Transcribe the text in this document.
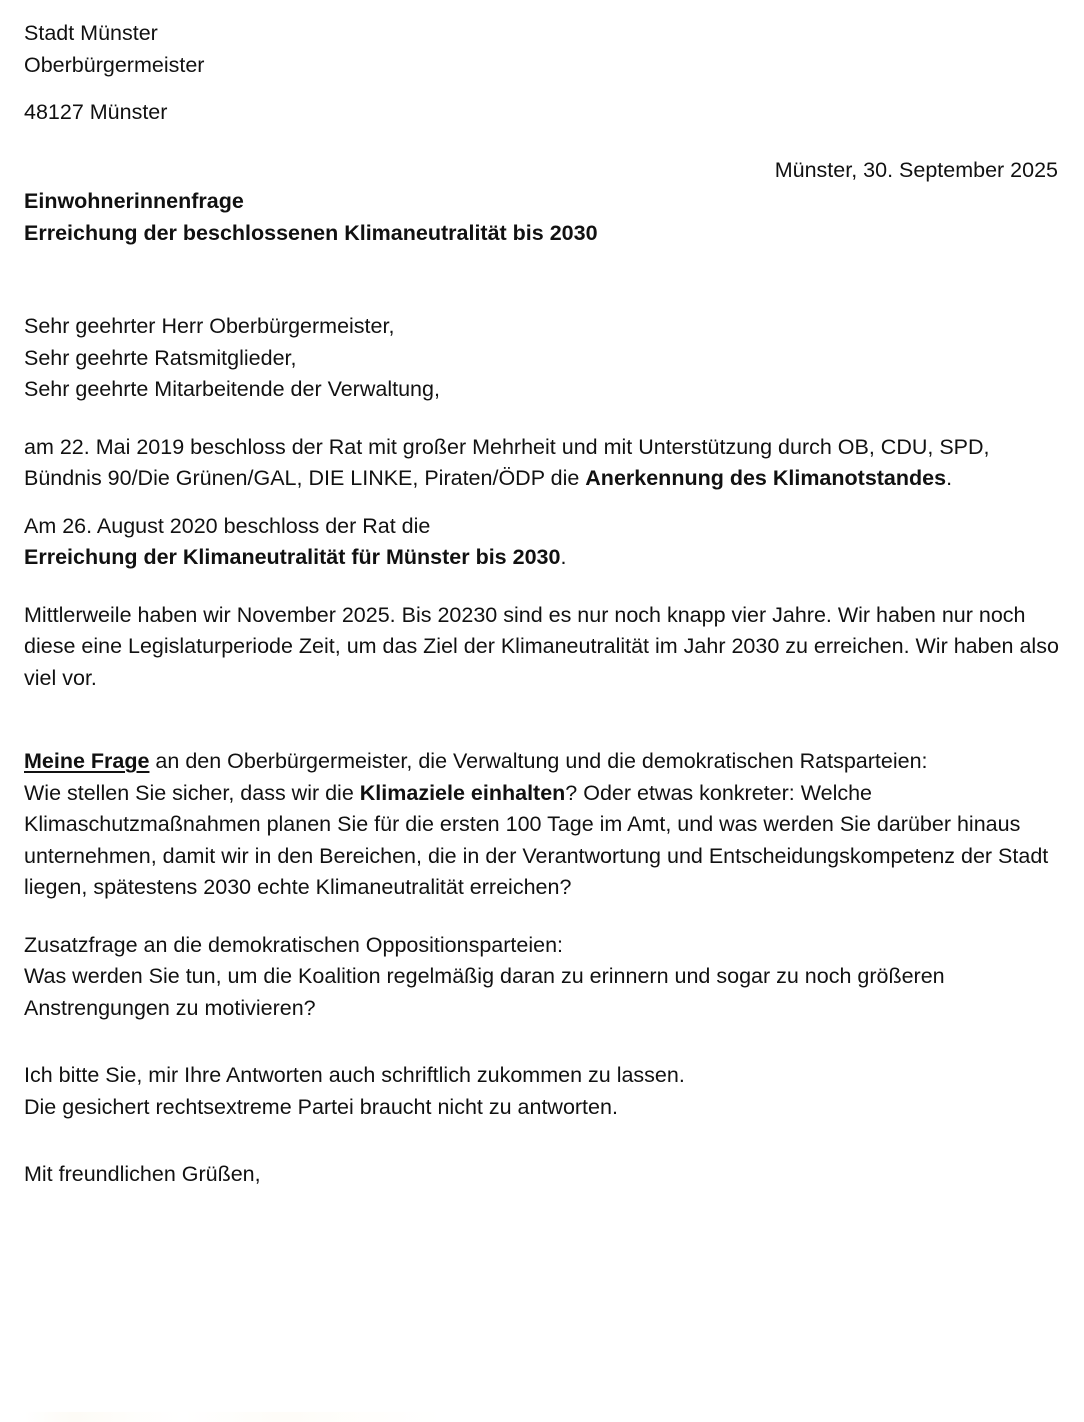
Stadt Münster
Oberbürgermeister
48127 Münster
Münster, 30. September 2025
Einwohnerinnenfrage
Erreichung der beschlossenen Klimaneutralität bis 2030
Sehr geehrter Herr Oberbürgermeister,
Sehr geehrte Ratsmitglieder,
Sehr geehrte Mitarbeitende der Verwaltung,

am 22. Mai 2019 beschloss der Rat mit großer Mehrheit und mit Unterstützung durch OB, CDU, SPD, Bündnis 90/Die Grünen/GAL, DIE LINKE, Piraten/ÖDP die Anerkennung des Klimanotstandes.

Am 26. August 2020 beschloss der Rat die
Erreichung der Klimaneutralität für Münster bis 2030.

Mittlerweile haben wir November 2025. Bis 20230 sind es nur noch knapp vier Jahre. Wir haben nur noch diese eine Legislaturperiode Zeit, um das Ziel der Klimaneutralität im Jahr 2030 zu erreichen. Wir haben also viel vor.

Meine Frage an den Oberbürgermeister, die Verwaltung und die demokratischen Ratsparteien:

Wie stellen Sie sicher, dass wir die Klimaziele einhalten? Oder etwas konkreter: Welche Klimaschutzmaßnahmen planen Sie für die ersten 100 Tage im Amt, und was werden Sie darüber hinaus unternehmen, damit wir in den Bereichen, die in der Verantwortung und Entscheidungskompetenz der Stadt liegen, spätestens 2030 echte Klimaneutralität erreichen?

Zusatzfrage an die demokratischen Oppositionsparteien:

Was werden Sie tun, um die Koalition regelmäßig daran zu erinnern und sogar zu noch größeren Anstrengungen zu motivieren?

Ich bitte Sie, mir Ihre Antworten auch schriftlich zukommen zu lassen.
Die gesichert rechtsextreme Partei braucht nicht zu antworten.
Mit freundlichen Grüßen,
